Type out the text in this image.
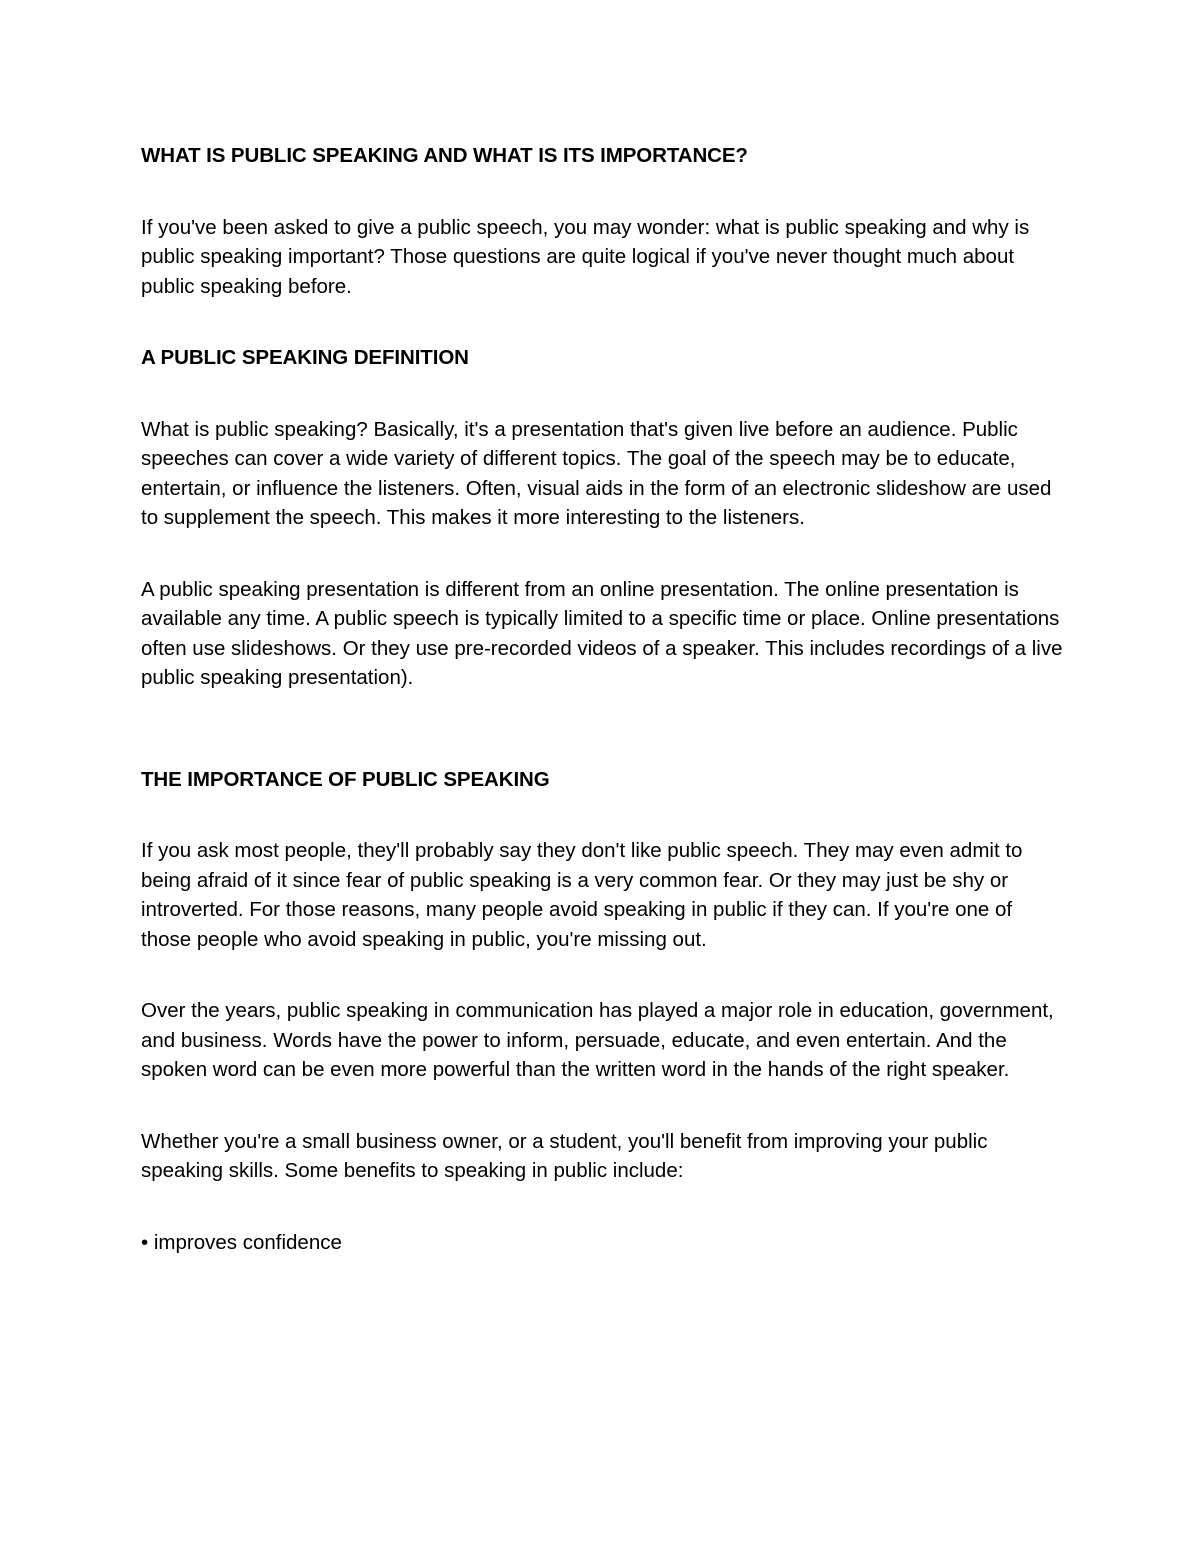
WHAT IS PUBLIC SPEAKING AND WHAT IS ITS IMPORTANCE?

If you've been asked to give a public speech, you may wonder: what is public speaking and why is public speaking important? Those questions are quite logical if you've never thought much about public speaking before.

A PUBLIC SPEAKING DEFINITION

What is public speaking? Basically, it's a presentation that's given live before an audience. Public speeches can cover a wide variety of different topics. The goal of the speech may be to educate, entertain, or influence the listeners. Often, visual aids in the form of an electronic slideshow are used to supplement the speech. This makes it more interesting to the listeners.

A public speaking presentation is different from an online presentation. The online presentation is available any time. A public speech is typically limited to a specific time or place. Online presentations often use slideshows. Or they use pre-recorded videos of a speaker. This includes recordings of a live public speaking presentation).

THE IMPORTANCE OF PUBLIC SPEAKING

If you ask most people, they'll probably say they don't like public speech. They may even admit to being afraid of it since fear of public speaking is a very common fear. Or they may just be shy or introverted. For those reasons, many people avoid speaking in public if they can. If you're one of those people who avoid speaking in public, you're missing out.

Over the years, public speaking in communication has played a major role in education, government, and business. Words have the power to inform, persuade, educate, and even entertain. And the spoken word can be even more powerful than the written word in the hands of the right speaker.

Whether you're a small business owner, or a student, you'll benefit from improving your public speaking skills. Some benefits to speaking in public include:

• improves confidence
